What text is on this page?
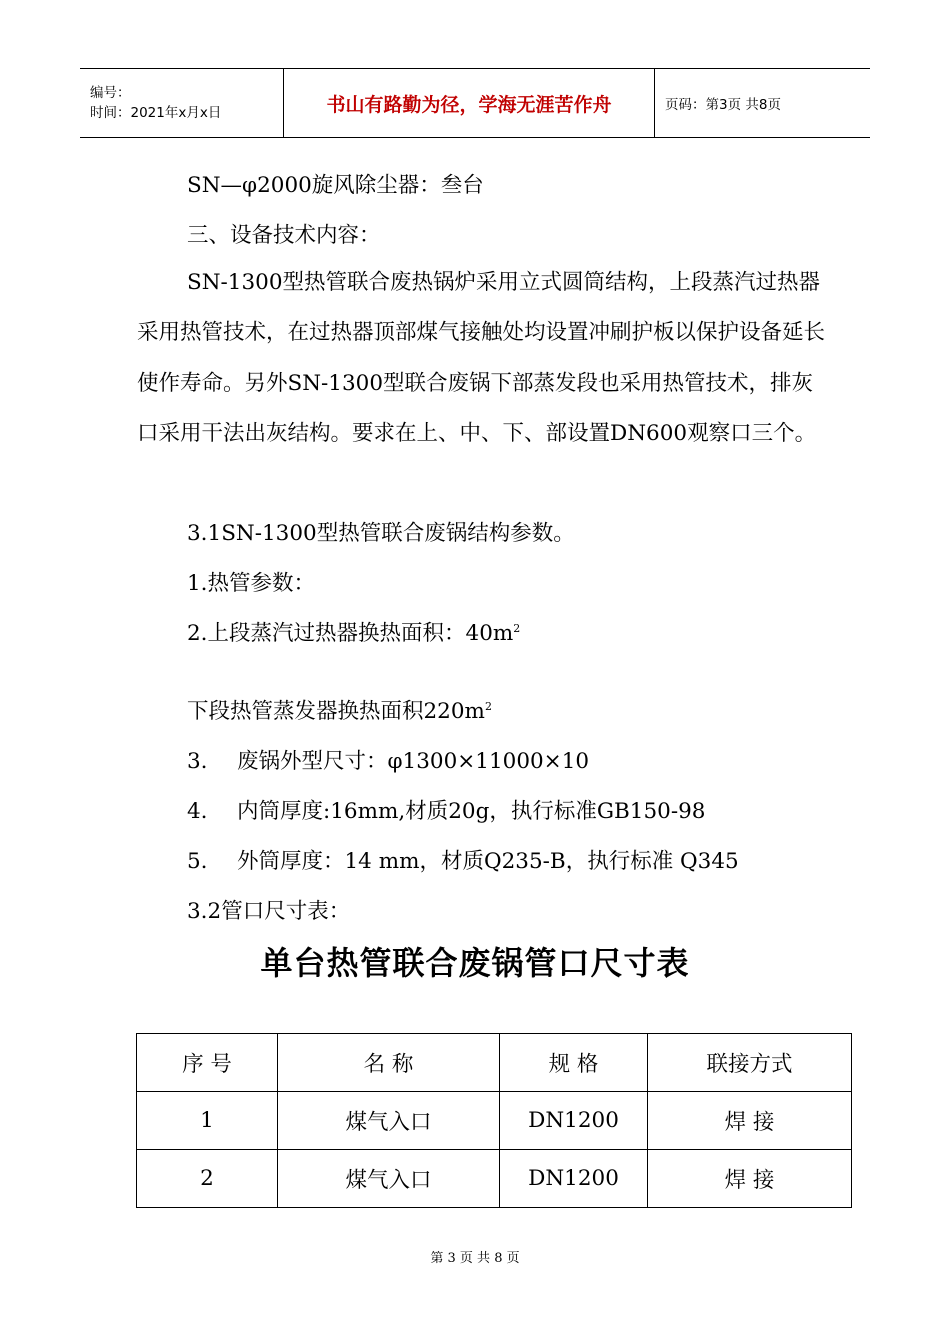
编号：
时间：2021年x月x日	书山有路勤为径，学海无涯苦作舟	页码：第3页 共8页
SN—φ2000旋风除尘器：叁台
三、设备技术内容：
SN-1300型热管联合废热锅炉采用立式圆筒结构，上段蒸汽过热器采用热管技术，在过热器顶部煤气接触处均设置冲刷护板以保护设备延长使作寿命。另外SN-1300型联合废锅下部蒸发段也采用热管技术，排灰口采用干法出灰结构。要求在上、中、下、部设置DN600观察口三个。
3.1SN-1300型热管联合废锅结构参数。
1.热管参数：
2.上段蒸汽过热器换热面积：$40m^2$
下段热管蒸发器换热面积$220m^2$
3. 废锅外型尺寸：φ1300×11000×10
4. 内筒厚度:16mm,材质20g，执行标准GB150-98
5. 外筒厚度：14 mm，材质Q235-B，执行标准 Q345
3.2管口尺寸表：
单台热管联合废锅管口尺寸表
序 号	名 称	规 格	联接方式
1	煤气入口	DN1200	焊 接
2	煤气入口	DN1200	焊 接
第 3 页 共 8 页
